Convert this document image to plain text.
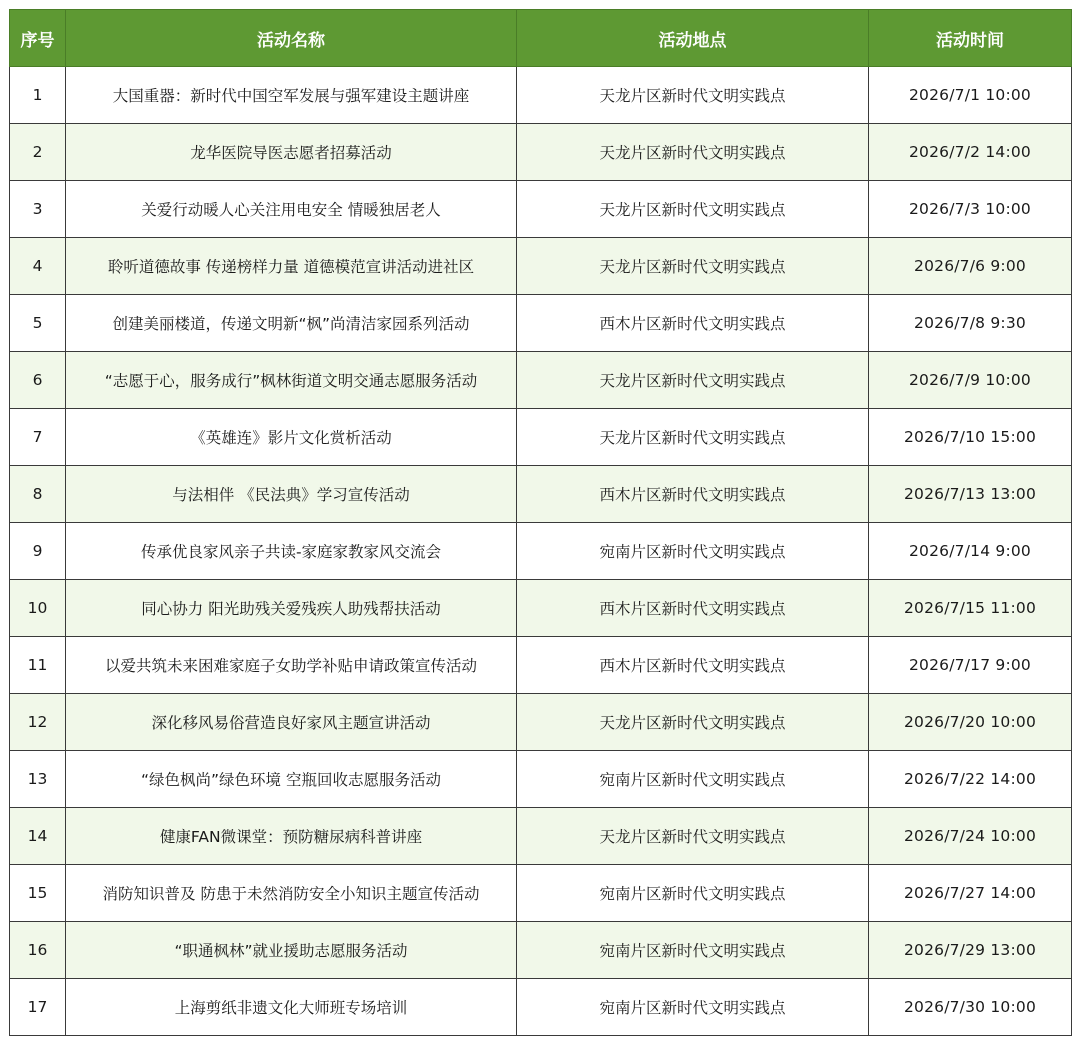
序号	活动名称	活动地点	活动时间
1	大国重器：新时代中国空军发展与强军建设主题讲座	天龙片区新时代文明实践点	2026/7/1 10:00
2	龙华医院导医志愿者招募活动	天龙片区新时代文明实践点	2026/7/2 14:00
3	关爱行动暖人心关注用电安全 情暖独居老人	天龙片区新时代文明实践点	2026/7/3 10:00
4	聆听道德故事 传递榜样力量 道德模范宣讲活动进社区	天龙片区新时代文明实践点	2026/7/6 9:00
5	创建美丽楼道，传递文明新“枫”尚清洁家园系列活动	西木片区新时代文明实践点	2026/7/8 9:30
6	“志愿于心，服务成行”枫林街道文明交通志愿服务活动	天龙片区新时代文明实践点	2026/7/9 10:00
7	《英雄连》影片文化赏析活动	天龙片区新时代文明实践点	2026/7/10 15:00
8	与法相伴 《民法典》学习宣传活动	西木片区新时代文明实践点	2026/7/13 13:00
9	传承优良家风亲子共读-家庭家教家风交流会	宛南片区新时代文明实践点	2026/7/14 9:00
10	同心协力 阳光助残关爱残疾人助残帮扶活动	西木片区新时代文明实践点	2026/7/15 11:00
11	以爱共筑未来困难家庭子女助学补贴申请政策宣传活动	西木片区新时代文明实践点	2026/7/17 9:00
12	深化移风易俗营造良好家风主题宣讲活动	天龙片区新时代文明实践点	2026/7/20 10:00
13	“绿色枫尚”绿色环境 空瓶回收志愿服务活动	宛南片区新时代文明实践点	2026/7/22 14:00
14	健康FAN微课堂：预防糖尿病科普讲座	天龙片区新时代文明实践点	2026/7/24 10:00
15	消防知识普及 防患于未然消防安全小知识主题宣传活动	宛南片区新时代文明实践点	2026/7/27 14:00
16	“职通枫林”就业援助志愿服务活动	宛南片区新时代文明实践点	2026/7/29 13:00
17	上海剪纸非遗文化大师班专场培训	宛南片区新时代文明实践点	2026/7/30 10:00
